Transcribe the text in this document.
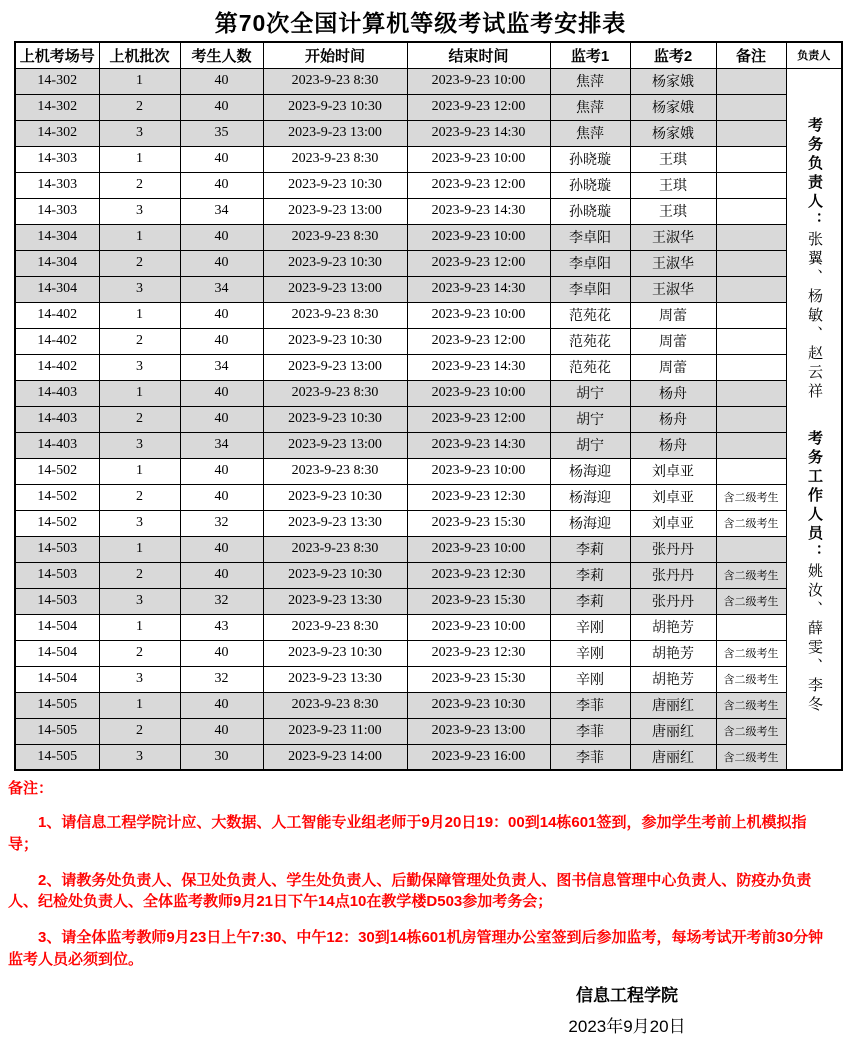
第70次全国计算机等级考试监考安排表
上机考场号	上机批次	考生人数	开始时间	结束时间	监考1	监考2	备注	负责人
14-302	1	40	2023-9-23 8:30	2023-9-23 10:00	焦萍	杨家娥		考务负责人：张翼、杨敏、赵云祥考务工作人员：姚汝、薛雯、李冬
14-302	2	40	2023-9-23 10:30	2023-9-23 12:00	焦萍	杨家娥		
14-302	3	35	2023-9-23 13:00	2023-9-23 14:30	焦萍	杨家娥		
14-303	1	40	2023-9-23 8:30	2023-9-23 10:00	孙晓璇	王琪		
14-303	2	40	2023-9-23 10:30	2023-9-23 12:00	孙晓璇	王琪		
14-303	3	34	2023-9-23 13:00	2023-9-23 14:30	孙晓璇	王琪		
14-304	1	40	2023-9-23 8:30	2023-9-23 10:00	李卓阳	王淑华		
14-304	2	40	2023-9-23 10:30	2023-9-23 12:00	李卓阳	王淑华		
14-304	3	34	2023-9-23 13:00	2023-9-23 14:30	李卓阳	王淑华		
14-402	1	40	2023-9-23 8:30	2023-9-23 10:00	范苑花	周蕾		
14-402	2	40	2023-9-23 10:30	2023-9-23 12:00	范苑花	周蕾		
14-402	3	34	2023-9-23 13:00	2023-9-23 14:30	范苑花	周蕾		
14-403	1	40	2023-9-23 8:30	2023-9-23 10:00	胡宁	杨舟		
14-403	2	40	2023-9-23 10:30	2023-9-23 12:00	胡宁	杨舟		
14-403	3	34	2023-9-23 13:00	2023-9-23 14:30	胡宁	杨舟		
14-502	1	40	2023-9-23 8:30	2023-9-23 10:00	杨海迎	刘卓亚		
14-502	2	40	2023-9-23 10:30	2023-9-23 12:30	杨海迎	刘卓亚	含二级考生	
14-502	3	32	2023-9-23 13:30	2023-9-23 15:30	杨海迎	刘卓亚	含二级考生	
14-503	1	40	2023-9-23 8:30	2023-9-23 10:00	李莉	张丹丹		
14-503	2	40	2023-9-23 10:30	2023-9-23 12:30	李莉	张丹丹	含二级考生	
14-503	3	32	2023-9-23 13:30	2023-9-23 15:30	李莉	张丹丹	含二级考生	
14-504	1	43	2023-9-23 8:30	2023-9-23 10:00	辛刚	胡艳芳		
14-504	2	40	2023-9-23 10:30	2023-9-23 12:30	辛刚	胡艳芳	含二级考生	
14-504	3	32	2023-9-23 13:30	2023-9-23 15:30	辛刚	胡艳芳	含二级考生	
14-505	1	40	2023-9-23 8:30	2023-9-23 10:30	李菲	唐丽红	含二级考生	
14-505	2	40	2023-9-23 11:00	2023-9-23 13:00	李菲	唐丽红	含二级考生	
14-505	3	30	2023-9-23 14:00	2023-9-23 16:00	李菲	唐丽红	含二级考生	

备注：

1、请信息工程学院计应、大数据、人工智能专业组老师于9月20日19：00到14栋601签到，参加学生考前上机模拟指导；

2、请教务处负责人、保卫处负责人、学生处负责人、后勤保障管理处负责人、图书信息管理中心负责人、防疫办负责人、纪检处负责人、全体监考教师9月21日下午14点10在教学楼D503参加考务会；

3、请全体监考教师9月23日上午7:30、中午12：30到14栋601机房管理办公室签到后参加监考，每场考试开考前30分钟监考人员必须到位。

信息工程学院

2023年9月20日
